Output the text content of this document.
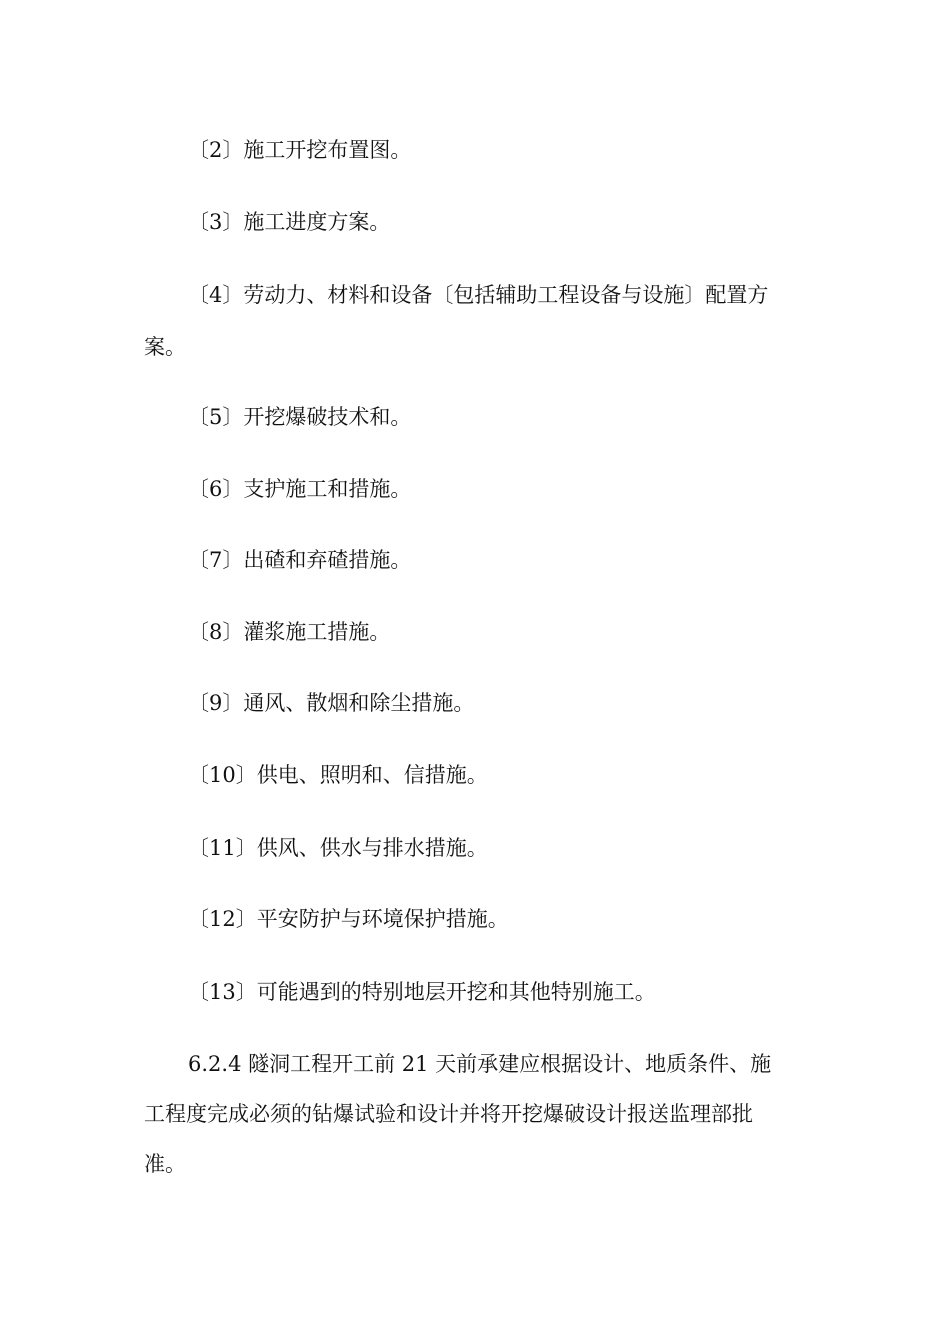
〔2〕施工开挖布置图。
〔3〕施工进度方案。
〔4〕劳动力、材料和设备〔包括辅助工程设备与设施〕配置方
案。
〔5〕开挖爆破技术和。
〔6〕支护施工和措施。
〔7〕出碴和弃碴措施。
〔8〕灌浆施工措施。
〔9〕通风、散烟和除尘措施。
〔10〕供电、照明和、信措施。
〔11〕供风、供水与排水措施。
〔12〕平安防护与环境保护措施。
〔13〕可能遇到的特别地层开挖和其他特别施工。
6.2.4 隧洞工程开工前 21 天前承建应根据设计、地质条件、施
工程度完成必须的钻爆试验和设计并将开挖爆破设计报送监理部批
准。
